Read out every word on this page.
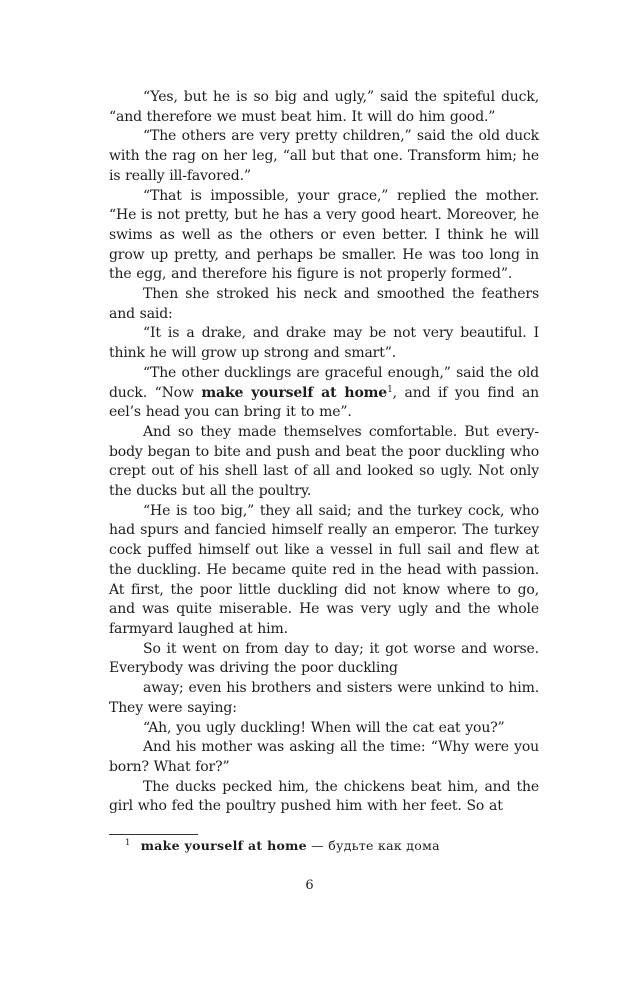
“Yes, but he is so big and ugly,” said the spiteful duck, “and therefore we must beat him. It will do him good.”

“The others are very pretty children,” said the old duck with the rag on her leg, “all but that one. Transform him; he is really ill-favored.”

“That is impossible, your grace,” replied the mother. “He is not pretty, but he has a very good heart. Moreover, he swims as well as the others or even better. I think he will grow up pretty, and perhaps be smaller. He was too long in the egg, and therefore his figure is not properly formed”.

Then she stroked his neck and smoothed the feathers and said:

“It is a drake, and drake may be not very beautiful. I think he will grow up strong and smart”.

“The other ducklings are graceful enough,” said the old duck. “Now make yourself at home$^1$, and if you find an eel’s head you can bring it to me”.

And so they made themselves comfortable. But every-body began to bite and push and beat the poor duckling who crept out of his shell last of all and looked so ugly. Not only the ducks but all the poultry.

“He is too big,” they all said; and the turkey cock, who had spurs and fancied himself really an emperor. The turkey cock puffed himself out like a vessel in full sail and flew at the duckling. He became quite red in the head with passion. At first, the poor little duckling did not know where to go, and was quite miserable. He was very ugly and the whole farmyard laughed at him.

So it went on from day to day; it got worse and worse. Everybody was driving the poor duckling

away; even his brothers and sisters were unkind to him. They were saying:

“Ah, you ugly duckling! When will the cat eat you?”

And his mother was asking all the time: “Why were you born? What for?”

The ducks pecked him, the chickens beat him, and the girl who fed the poultry pushed him with her feet. So at

$^1$ make yourself at home — будьте как дома
6
